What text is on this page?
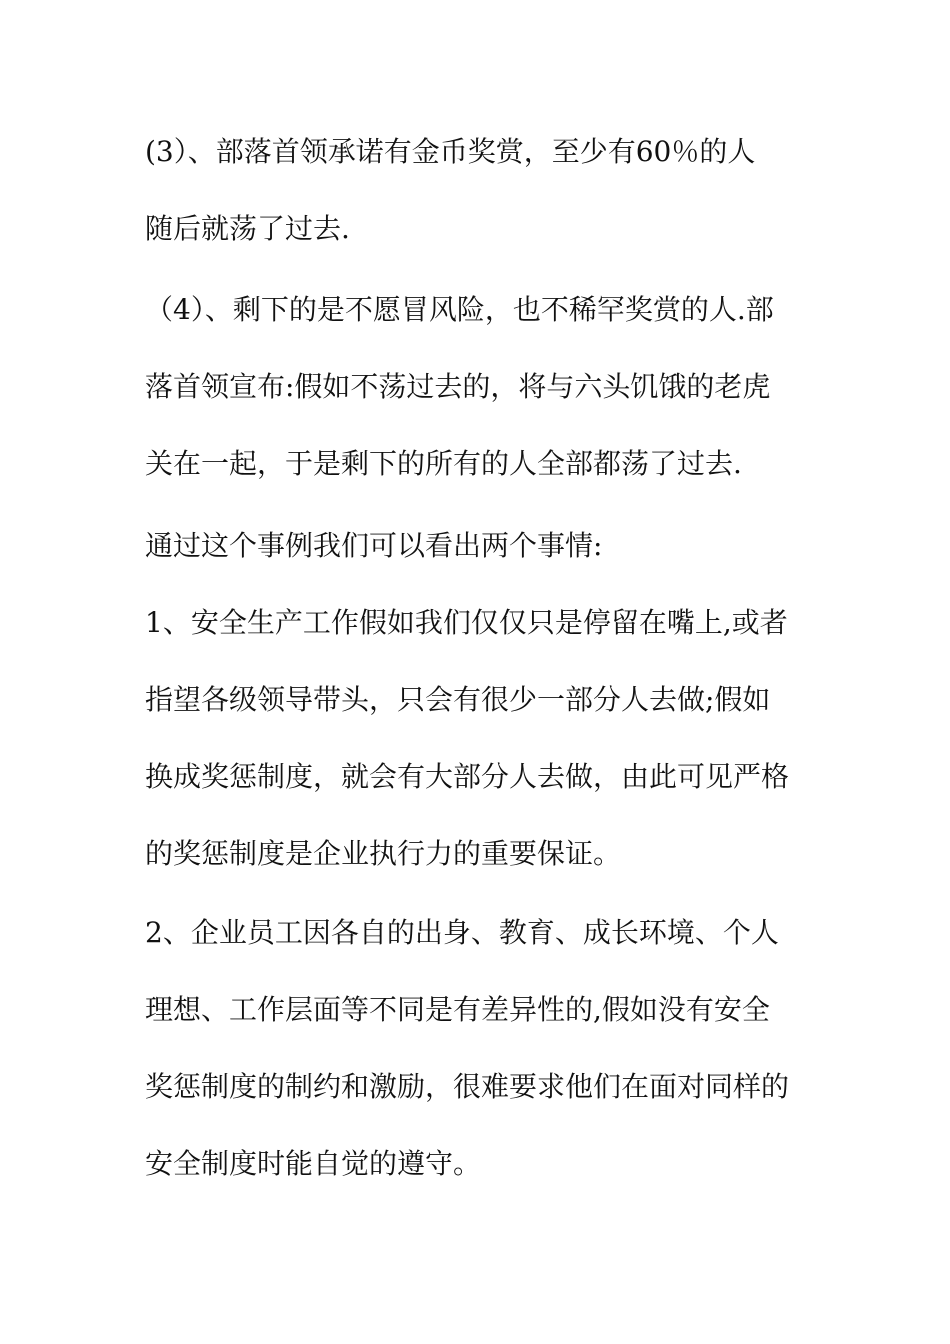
(3）、部落首领承诺有金币奖赏，至少有60％的人
随后就荡了过去.
（4）、剩下的是不愿冒风险，也不稀罕奖赏的人.部
落首领宣布:假如不荡过去的，将与六头饥饿的老虎
关在一起，于是剩下的所有的人全部都荡了过去.
通过这个事例我们可以看出两个事情:
1、安全生产工作假如我们仅仅只是停留在嘴上,或者
指望各级领导带头，只会有很少一部分人去做;假如
换成奖惩制度，就会有大部分人去做，由此可见严格
的奖惩制度是企业执行力的重要保证。
2、企业员工因各自的出身、教育、成长环境、个人
理想、工作层面等不同是有差异性的,假如没有安全
奖惩制度的制约和激励，很难要求他们在面对同样的
安全制度时能自觉的遵守。
